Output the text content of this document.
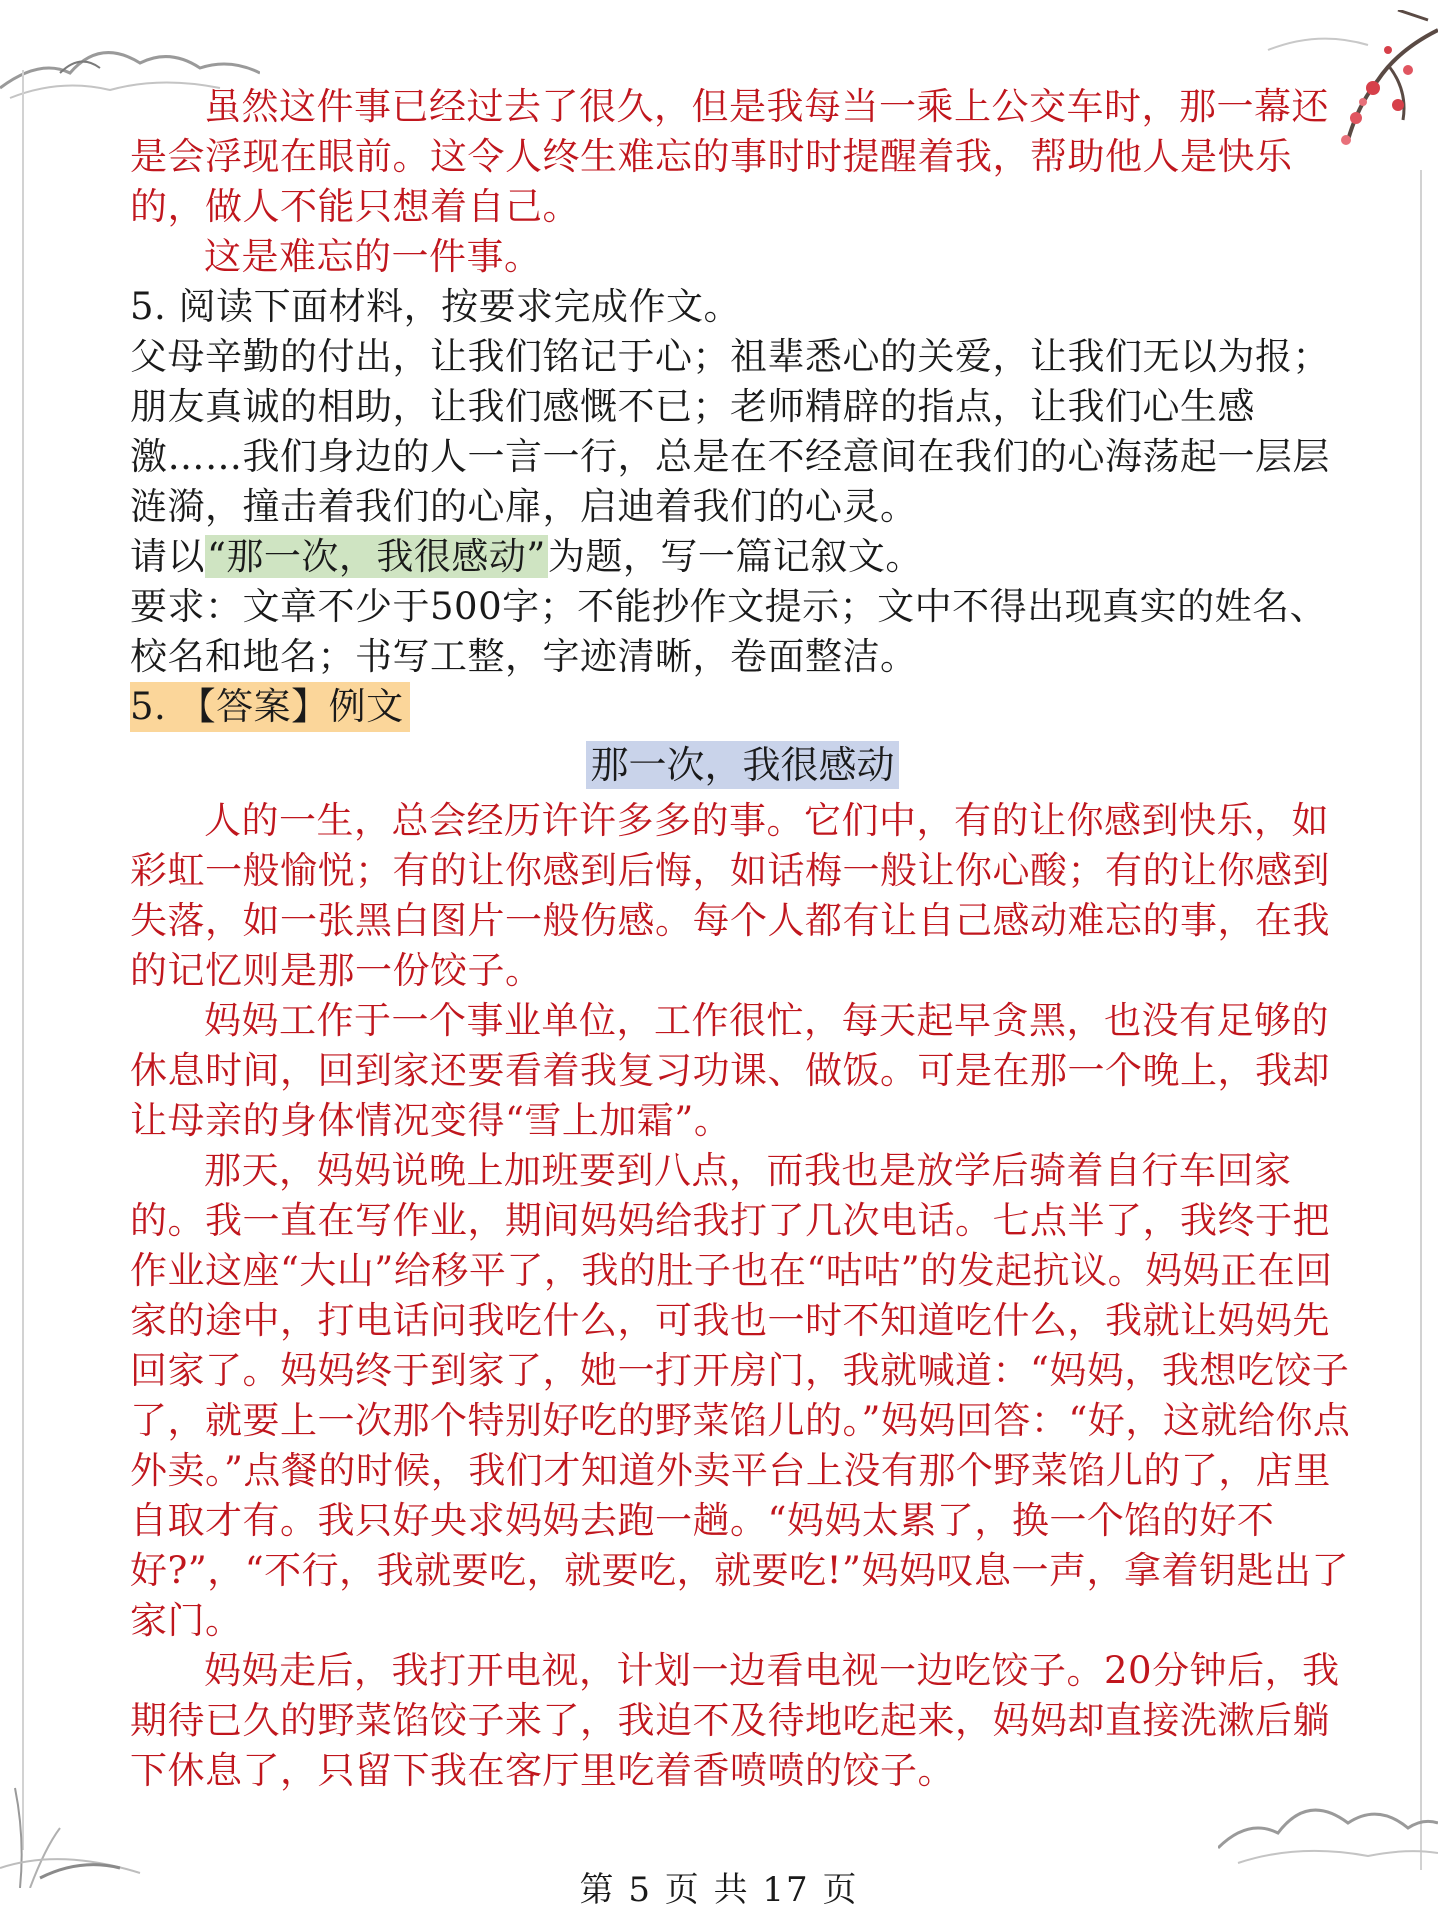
虽然这件事已经过去了很久，但是我每当一乘上公交车时，那一幕还是会浮现在眼前。这令人终生难忘的事时时提醒着我，帮助他人是快乐的，做人不能只想着自己。

这是难忘的一件事。

5. 阅读下面材料，按要求完成作文。

父母辛勤的付出，让我们铭记于心；祖辈悉心的关爱，让我们无以为报；朋友真诚的相助，让我们感慨不已；老师精辟的指点，让我们心生感激……我们身边的人一言一行，总是在不经意间在我们的心海荡起一层层涟漪，撞击着我们的心扉，启迪着我们的心灵。

请以“那一次，我很感动”为题，写一篇记叙文。

要求：文章不少于500字；不能抄作文提示；文中不得出现真实的姓名、校名和地名；书写工整，字迹清晰，卷面整洁。

5. 【答案】例文

那一次，我很感动

人的一生，总会经历许许多多的事。它们中，有的让你感到快乐，如彩虹一般愉悦；有的让你感到后悔，如话梅一般让你心酸；有的让你感到失落，如一张黑白图片一般伤感。每个人都有让自己感动难忘的事，在我的记忆则是那一份饺子。

妈妈工作于一个事业单位，工作很忙，每天起早贪黑，也没有足够的休息时间，回到家还要看着我复习功课、做饭。可是在那一个晚上，我却让母亲的身体情况变得“雪上加霜”。

那天，妈妈说晚上加班要到八点，而我也是放学后骑着自行车回家的。我一直在写作业，期间妈妈给我打了几次电话。七点半了，我终于把作业这座“大山”给移平了，我的肚子也在“咕咕”的发起抗议。妈妈正在回家的途中，打电话问我吃什么，可我也一时不知道吃什么，我就让妈妈先回家了。妈妈终于到家了，她一打开房门，我就喊道：“妈妈，我想吃饺子了，就要上一次那个特别好吃的野菜馅儿的。”妈妈回答：“好，这就给你点外卖。”点餐的时候，我们才知道外卖平台上没有那个野菜馅儿的了，店里自取才有。我只好央求妈妈去跑一趟。“妈妈太累了，换一个馅的好不好?”，“不行，我就要吃，就要吃，就要吃!”妈妈叹息一声，拿着钥匙出了家门。

妈妈走后，我打开电视，计划一边看电视一边吃饺子。20分钟后，我期待已久的野菜馅饺子来了，我迫不及待地吃起来，妈妈却直接洗漱后躺下休息了，只留下我在客厅里吃着香喷喷的饺子。

第 5 页 共 17 页
